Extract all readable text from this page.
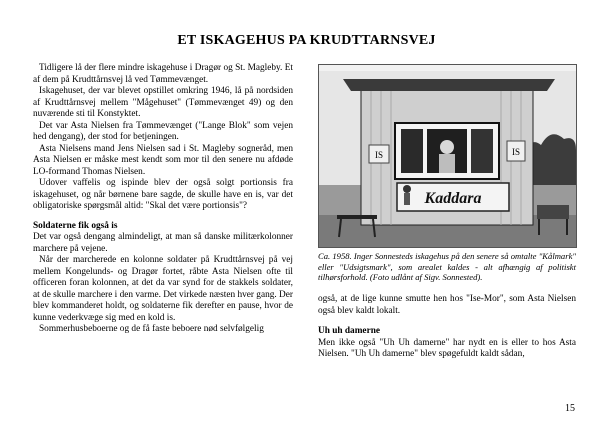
ET ISKAGEHUS PA KRUDTTARNSVEJ

Tidligere lå der flere mindre iskagehuse i Dragør og St. Magleby. Et af dem på Krudttårnsvej lå ved Tømmevænget.

Iskagehuset, der var blevet opstillet omkring 1946, lå på nordsiden af Krudttårnsvej mellem "Mågehuset" (Tømmevænget 49) og den nuværende sti til Konstyktet.

Det var Asta Nielsen fra Tømmevænget ("Lange Blok" som vejen hed dengang), der stod for betjeningen.

Asta Nielsens mand Jens Nielsen sad i St. Magleby sogneråd, men Asta Nielsen er måske mest kendt som mor til den senere nu afdøde LO-formand Thomas Nielsen.

Udover vaffelis og ispinde blev der også solgt portionsis fra iskagehuset, og når børnene bare sagde, de skulle have en is, var det obligatoriske spørgsmål altid: "Skal det være portionsis"?

Soldaterne fik også is

Det var også dengang almindeligt, at man så danske militærkolonner marchere på vejene.

Når der marcherede en kolonne soldater på Krudttårnsvej på vej mellem Kongelunds- og Dragør fortet, råbte Asta Nielsen ofte til officeren foran kolonnen, at det da var synd for de stakkels soldater, at de skulle marchere i den varme. Det virkede næsten hver gang. Der blev kommanderet holdt, og soldaterne fik derefter en pause, hvor de kunne vederkvæge sig med en kold is.

Sommerhusbeboerne og de få faste beboere nød selvfølgelig

IS	IS
Kaddara
Ca. 1958. Inger Sonnesteds iskagehus på den senere så omtalte "Kålmark" eller "Udsigtsmark", som arealet kaldes - alt afhængig af politiskt tilhørsforhold. (Foto udlånt af Sigv. Sonnested).

også, at de lige kunne smutte hen hos "Ise-Mor", som Asta Nielsen også blev kaldt lokalt.

Uh uh damerne

Men ikke også "Uh Uh damerne" har nydt en is eller to hos Asta Nielsen. "Uh Uh damerne" blev spøgefuldt kaldt sådan,

15
